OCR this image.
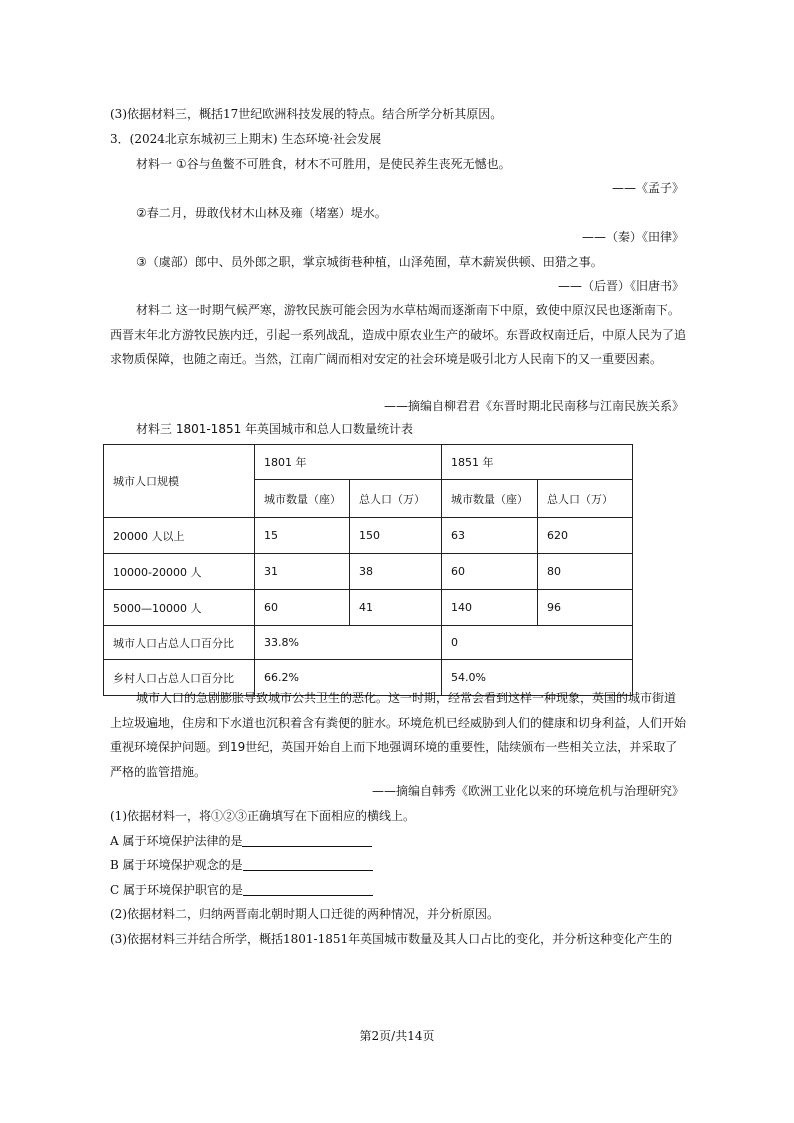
(3)依据材料三，概括17世纪欧洲科技发展的特点。结合所学分析其原因。
3．(2024北京东城初三上期末) 生态环境·社会发展
材料一 ①谷与鱼鳖不可胜食，材木不可胜用，是使民养生丧死无憾也。
——《孟子》
②春二月，毋敢伐材木山林及雍（堵塞）堤水。
——（秦）《田律》
③（虞部）郎中、员外郎之职，掌京城街巷种植，山泽苑囿，草木薪炭供顿、田猎之事。
——（后晋）《旧唐书》
材料二 这一时期气候严寒，游牧民族可能会因为水草枯竭而逐渐南下中原，致使中原汉民也逐渐南下。西晋末年北方游牧民族内迁，引起一系列战乱，造成中原农业生产的破坏。东晋政权南迁后，中原人民为了追求物质保障，也随之南迁。当然，江南广阔而相对安定的社会环境是吸引北方人民南下的又一重要因素。
——摘编自柳君君《东晋时期北民南移与江南民族关系》
材料三 1801-1851 年英国城市和总人口数量统计表
城市人口规模	1801 年		1851 年	
	城市数量（座）	总人口（万）	城市数量（座）	总人口（万）
20000 人以上	15	150	63	620
10000-20000 人	31	38	60	80
5000—10000 人	60	41	140	96
城市人口占总人口百分比	33.8%		0	
乡村人口占总人口百分比	66.2%		54.0%	
城市人口的急剧膨胀导致城市公共卫生的恶化。这一时期，经常会看到这样一种现象，英国的城市街道上垃圾遍地，住房和下水道也沉积着含有粪便的脏水。环境危机已经威胁到人们的健康和切身利益，人们开始重视环境保护问题。到19世纪，英国开始自上而下地强调环境的重要性，陆续颁布一些相关立法，并采取了严格的监管措施。
——摘编自韩秀《欧洲工业化以来的环境危机与治理研究》
(1)依据材料一，将①②③正确填写在下面相应的横线上。
A 属于环境保护法律的是
B 属于环境保护观念的是
C 属于环境保护职官的是
(2)依据材料二，归纳两晋南北朝时期人口迁徙的两种情况，并分析原因。
(3)依据材料三并结合所学，概括1801-1851年英国城市数量及其人口占比的变化，并分析这种变化产生的
第2页/共14页
